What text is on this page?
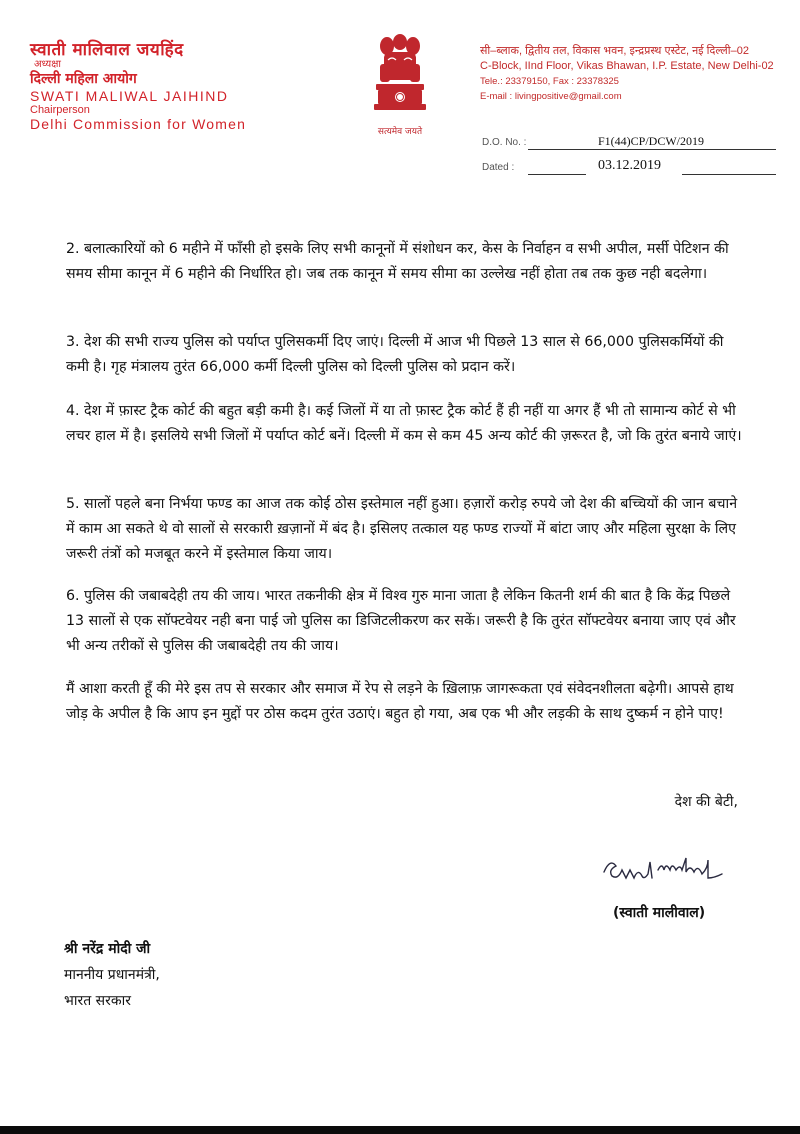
स्वाती मालिवाल जयहिंद
अध्यक्षा
दिल्ली महिला आयोग
SWATI MALIWAL JAIHIND
Chairperson
Delhi Commission for Women	सत्यमेव जयते
सी–ब्लाक, द्वितीय तल, विकास भवन, इन्द्रप्रस्थ एस्टेट, नई दिल्ली–02
C-Block, IInd Floor, Vikas Bhawan, I.P. Estate, New Delhi-02
Tele.: 23379150, Fax : 23378325
E-mail : livingpositive@gmail.com
D.O. No. :	F1(44)CP/DCW/2019
Dated :	03.12.2019

2. बलात्कारियों को 6 महीने में फाँसी हो इसके लिए सभी कानूनों में संशोधन कर, केस के निर्वाहन व सभी अपील, मर्सी पेटिशन की समय सीमा कानून में 6 महीने की निर्धारित हो। जब तक कानून में समय सीमा का उल्लेख नहीं होता तब तक कुछ नही बदलेगा।

3. देश की सभी राज्य पुलिस को पर्याप्त पुलिसकर्मी दिए जाएं। दिल्ली में आज भी पिछले 13 साल से 66,000 पुलिसकर्मियों की कमी है। गृह मंत्रालय तुरंत 66,000 कर्मी दिल्ली पुलिस को दिल्ली पुलिस को प्रदान करें।

4. देश में फ़ास्ट ट्रैक कोर्ट की बहुत बड़ी कमी है। कई जिलों में या तो फ़ास्ट ट्रैक कोर्ट हैं ही नहीं या अगर हैं भी तो सामान्य कोर्ट से भी लचर हाल में है। इसलिये सभी जिलों में पर्याप्त कोर्ट बनें। दिल्ली में कम से कम 45 अन्य कोर्ट की ज़रूरत है, जो कि तुरंत बनाये जाएं।

5. सालों पहले बना निर्भया फण्ड का आज तक कोई ठोस इस्तेमाल नहीं हुआ। हज़ारों करोड़ रुपये जो देश की बच्चियों की जान बचाने में काम आ सकते थे वो सालों से सरकारी ख़ज़ानों में बंद है। इसिलए तत्काल यह फण्ड राज्यों में बांटा जाए और महिला सुरक्षा के लिए जरूरी तंत्रों को मजबूत करने में इस्तेमाल किया जाय।

6. पुलिस की जबाबदेही तय की जाय। भारत तकनीकी क्षेत्र में विश्व गुरु माना जाता है लेकिन कितनी शर्म की बात है कि केंद्र पिछले 13 सालों से एक सॉफ्टवेयर नही बना पाई जो पुलिस का डिजिटलीकरण कर सकें। जरूरी है कि तुरंत सॉफ्टवेयर बनाया जाए एवं और भी अन्य तरीकों से पुलिस की जबाबदेही तय की जाय।

मैं आशा करती हूँ की मेरे इस तप से सरकार और समाज में रेप से लड़ने के ख़िलाफ़ जागरूकता एवं संवेदनशीलता बढ़ेगी। आपसे हाथ जोड़ के अपील है कि आप इन मुद्दों पर ठोस कदम तुरंत उठाएं। बहुत हो गया, अब एक भी और लड़की के साथ दुष्कर्म न होने पाए!

देश की बेटी,
(स्वाती मालीवाल)
श्री नरेंद्र मोदी जी
माननीय प्रधानमंत्री,
भारत सरकार
